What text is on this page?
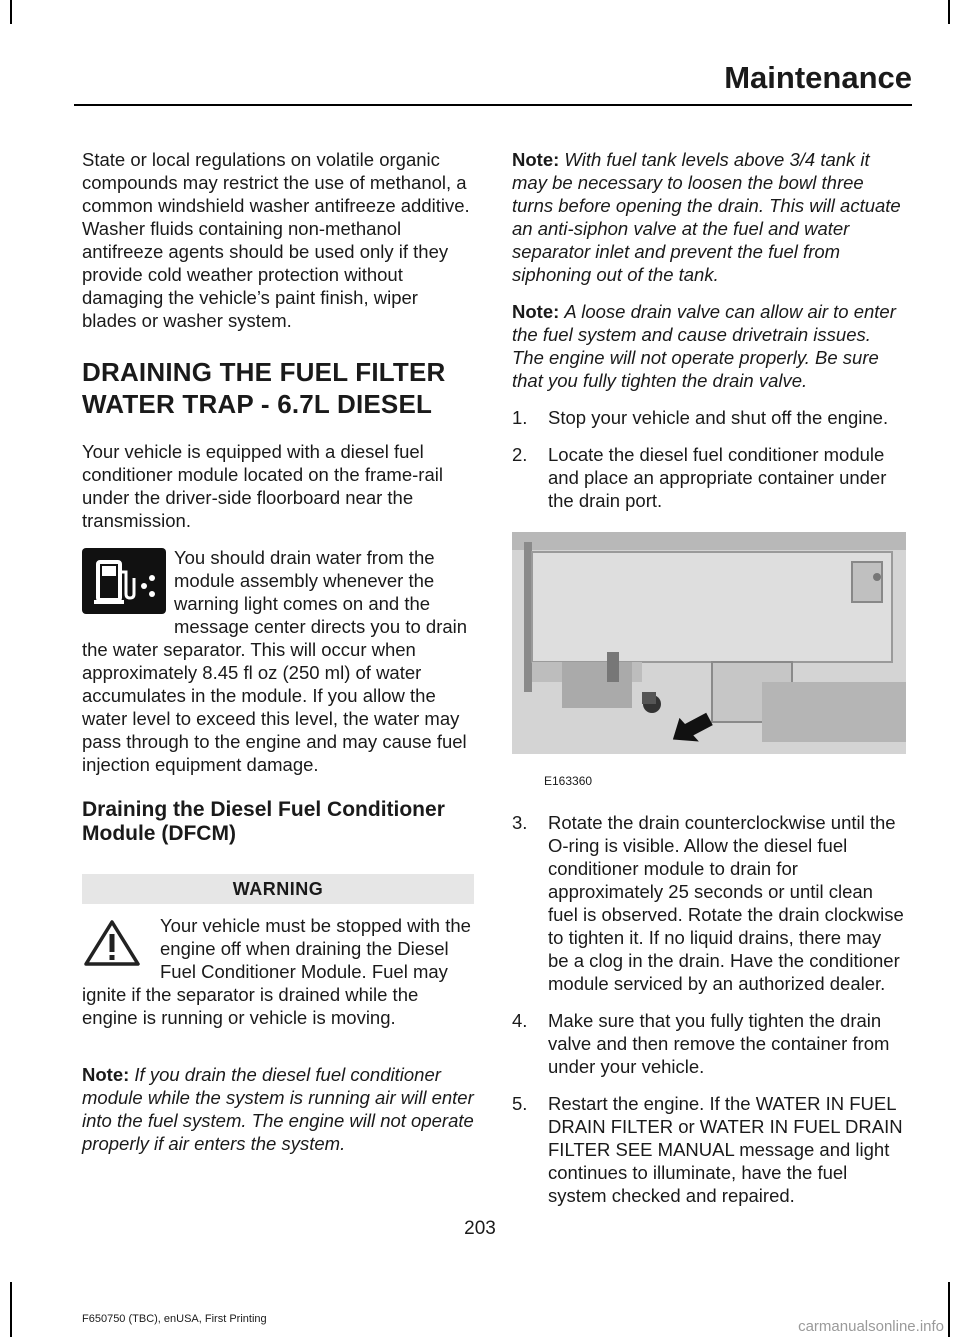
Maintenance

State or local regulations on volatile organic compounds may restrict the use of methanol, a common windshield washer antifreeze additive. Washer fluids containing non-methanol antifreeze agents should be used only if they provide cold weather protection without damaging the vehicle’s paint finish, wiper blades or washer system.

DRAINING THE FUEL FILTER
WATER TRAP - 6.7L DIESEL

Your vehicle is equipped with a diesel fuel conditioner module located on the frame-rail under the driver-side floorboard near the transmission.

You should drain water from the module assembly whenever the warning light comes on and the message center directs you to drain the water separator. This will occur when approximately 8.45 fl oz (250 ml) of water accumulates in the module. If you allow the water level to exceed this level, the water may pass through to the engine and may cause fuel injection equipment damage.

Draining the Diesel Fuel Conditioner Module (DFCM)
WARNING
Your vehicle must be stopped with the engine off when draining the Diesel Fuel Conditioner Module. Fuel may ignite if the separator is drained while the engine is running or vehicle is moving.

Note: If you drain the diesel fuel conditioner module while the system is running air will enter into the fuel system. The engine will not operate properly if air enters the system.

Note: With fuel tank levels above 3/4 tank it may be necessary to loosen the bowl three turns before opening the drain. This will actuate an anti-siphon valve at the fuel and water separator inlet and prevent the fuel from siphoning out of the tank.

Note: A loose drain valve can allow air to enter the fuel system and cause drivetrain issues. The engine will not operate properly. Be sure that you fully tighten the drain valve.

1. Stop your vehicle and shut off the engine.
2. Locate the diesel fuel conditioner module and place an appropriate container under the drain port.
E163360
3. Rotate the drain counterclockwise until the O-ring is visible. Allow the diesel fuel conditioner module to drain for approximately 25 seconds or until clean fuel is observed. Rotate the drain clockwise to tighten it. If no liquid drains, there may be a clog in the drain. Have the conditioner module serviced by an authorized dealer.
4. Make sure that you fully tighten the drain valve and then remove the container from under your vehicle.
5. Restart the engine. If the WATER IN FUEL DRAIN FILTER or WATER IN FUEL DRAIN FILTER SEE MANUAL message and light continues to illuminate, have the fuel system checked and repaired.
203
F650750 (TBC), enUSA, First Printing	carmanualsonline.info
